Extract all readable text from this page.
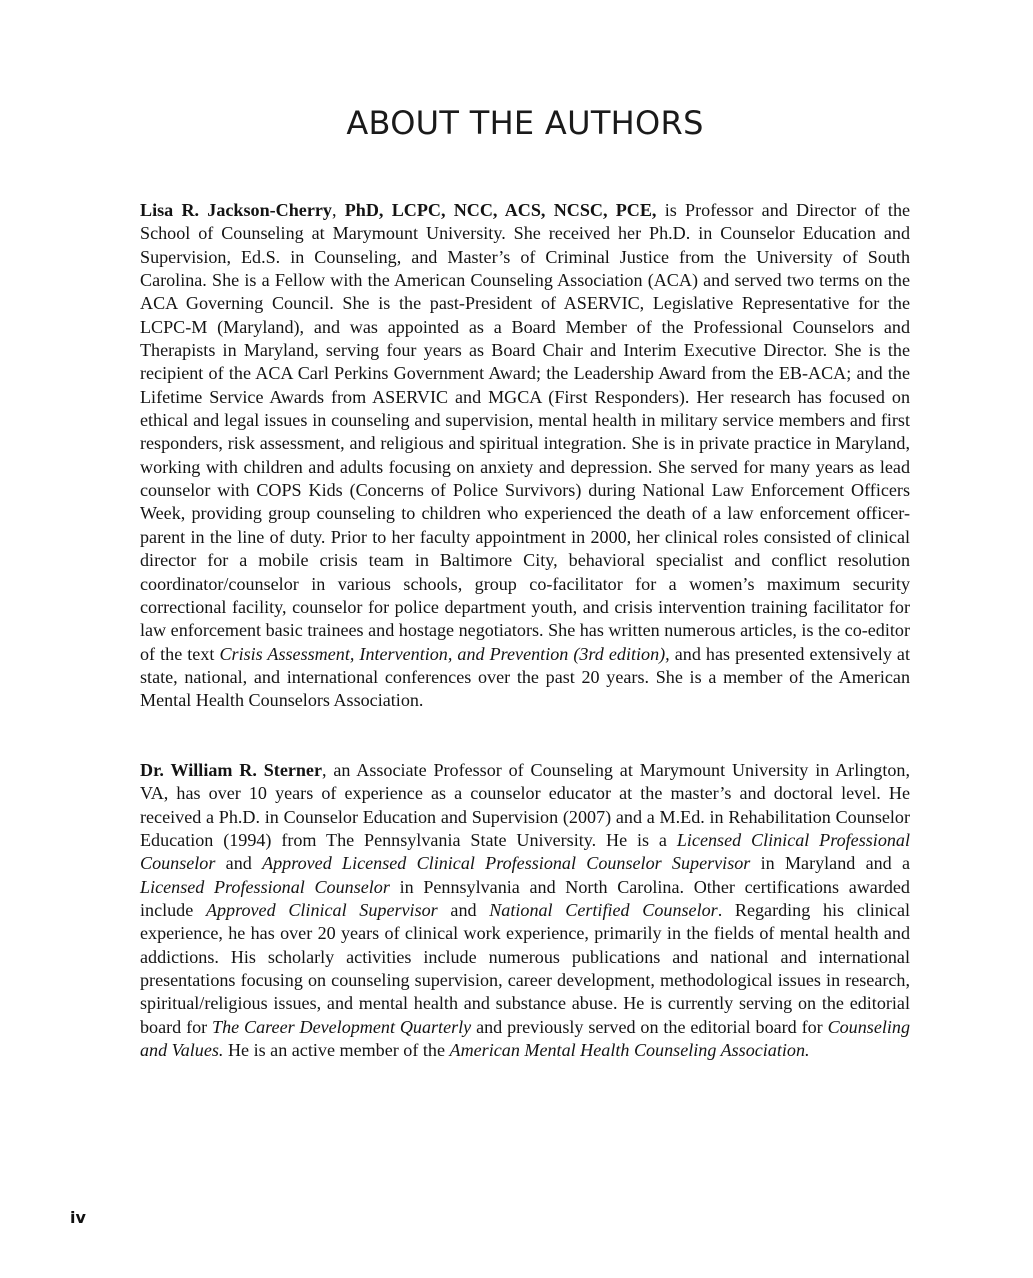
ABOUT THE AUTHORS

Lisa R. Jackson-Cherry, PhD, LCPC, NCC, ACS, NCSC, PCE, is Professor and Director of the School of Counseling at Marymount University. She received her Ph.D. in Counselor Education and Supervision, Ed.S. in Counseling, and Master’s of Criminal Justice from the University of South Carolina. She is a Fellow with the American Counseling Association (ACA) and served two terms on the ACA Governing Council. She is the past-President of ASERVIC, Legislative Representative for the LCPC-M (Maryland), and was appointed as a Board Member of the Professional Counselors and Therapists in Maryland, serving four years as Board Chair and Interim Executive Director. She is the recipient of the ACA Carl Perkins Government Award; the Leadership Award from the EB-ACA; and the Lifetime Service Awards from ASERVIC and MGCA (First Responders). Her research has focused on ethical and legal issues in counseling and supervision, mental health in military service members and first responders, risk assessment, and religious and spiritual integration. She is in private practice in Maryland, working with children and adults focusing on anxiety and depression. She served for many years as lead counselor with COPS Kids (Concerns of Police Survivors) during National Law Enforcement Officers Week, providing group counseling to children who experienced the death of a law enforcement officer-parent in the line of duty. Prior to her faculty appointment in 2000, her clinical roles consisted of clinical director for a mobile crisis team in Baltimore City, behavioral specialist and conflict resolution coordinator/counselor in various schools, group co-facilitator for a women’s maximum security correctional facility, counselor for police department youth, and crisis intervention training facilitator for law enforcement basic trainees and hostage negotiators. She has written numerous articles, is the co-editor of the text Crisis Assessment, Intervention, and Prevention (3rd edition), and has presented extensively at state, national, and international conferences over the past 20 years. She is a member of the American Mental Health Counselors Association.

Dr. William R. Sterner, an Associate Professor of Counseling at Marymount University in Arlington, VA, has over 10 years of experience as a counselor educator at the master’s and doctoral level. He received a Ph.D. in Counselor Education and Supervision (2007) and a M.Ed. in Rehabilitation Counselor Education (1994) from The Pennsylvania State University. He is a Licensed Clinical Professional Counselor and Approved Licensed Clinical Professional Counselor Supervisor in Maryland and a Licensed Professional Counselor in Pennsylvania and North Carolina. Other certifications awarded include Approved Clinical Supervisor and National Certified Counselor. Regarding his clinical experience, he has over 20 years of clinical work experience, primarily in the fields of mental health and addictions. His scholarly activities include numerous publications and national and international presentations focusing on counseling supervision, career development, methodological issues in research, spiritual/religious issues, and mental health and substance abuse. He is currently serving on the editorial board for The Career Development Quarterly and previously served on the editorial board for Counseling and Values. He is an active member of the American Mental Health Counseling Association.

iv
